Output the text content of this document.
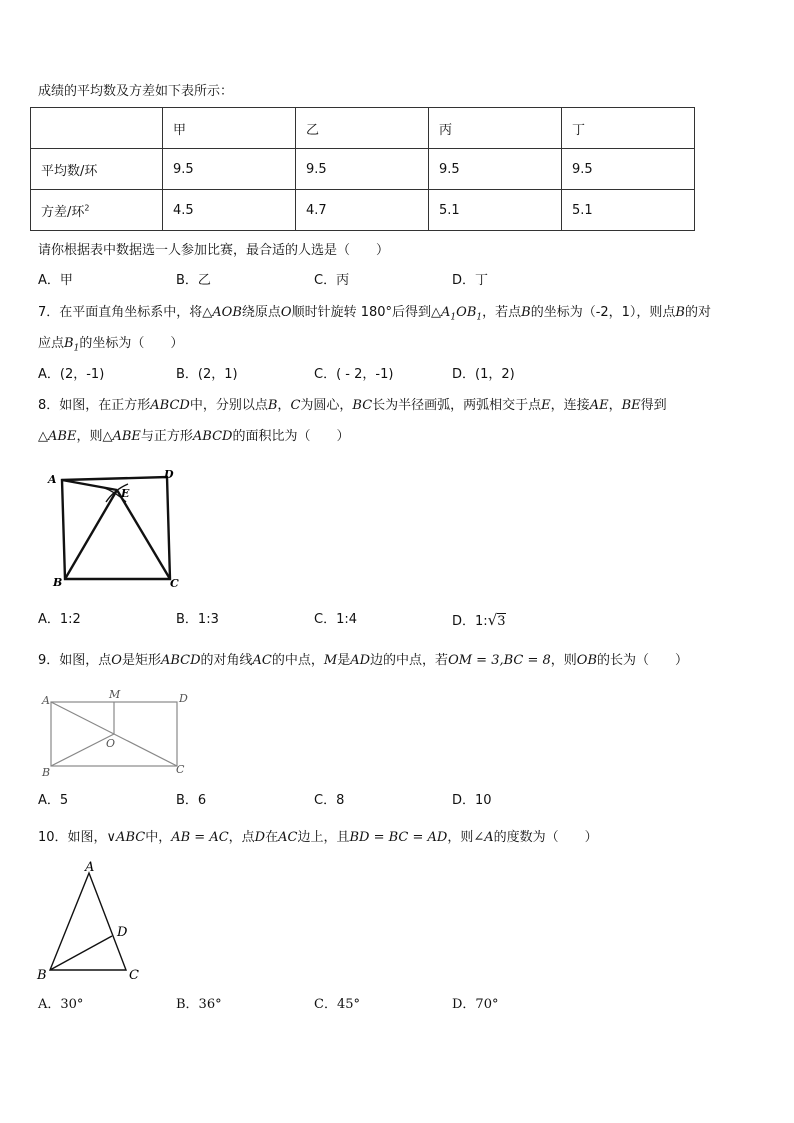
成绩的平均数及方差如下表所示：
	甲	乙	丙	丁
平均数/环	9.5	9.5	9.5	9.5
方差/环$^2$	4.5	4.7	5.1	5.1
请你根据表中数据选一人参加比赛，最合适的人选是（　　）
A．甲	B．乙	C．丙	D．丁
7．在平面直角坐标系中，将△AOB绕原点O顺时针旋转 180°后得到$\triangle A_1OB_1$，若点B的坐标为（-2，1），则点B的对
应点$B_1$的坐标为（　　）
A．(2，-1)	B．(2，1)	C．( - 2，-1)	D．(1，2)
8．如图，在正方形ABCD中，分别以点B，C为圆心，BC长为半径画弧，两弧相交于点E，连接AE，BE得到
△ABE，则△ABE与正方形ABCD的面积比为（　　）
A	D
E
B	C
A．1:2	B．1:3	C．1:4	D．1:√3
9．如图，点O是矩形ABCD的对角线AC的中点，M是AD边的中点，若OM = 3,BC = 8，则OB的长为（　　）
A	M	D
O
B	C
A．5	B．6	C．8	D．10
10．如图，∨ABC中，AB = AC，点D在AC边上，且BD = BC = AD，则∠A的度数为（　　）
A
D
B	C
A．30°	B．36°	C．45°	D．70°
